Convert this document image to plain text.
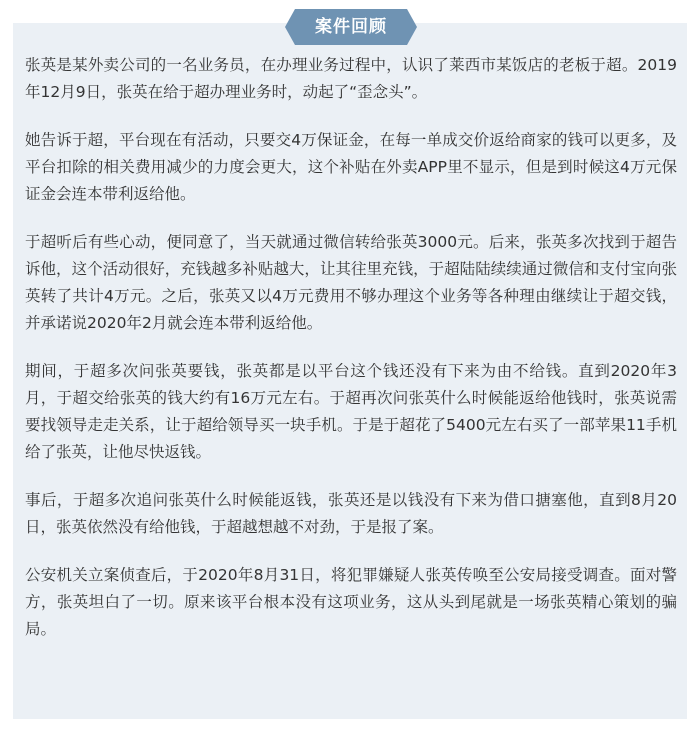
案件回顾

张英是某外卖公司的一名业务员，在办理业务过程中，认识了莱西市某饭店的老板于超。2019年12月9日，张英在给于超办理业务时，动起了“歪念头”。

她告诉于超，平台现在有活动，只要交4万保证金，在每一单成交价返给商家的钱可以更多，及平台扣除的相关费用减少的力度会更大，这个补贴在外卖APP里不显示，但是到时候这4万元保证金会连本带利返给他。

于超听后有些心动，便同意了，当天就通过微信转给张英3000元。后来，张英多次找到于超告诉他，这个活动很好，充钱越多补贴越大，让其往里充钱，于超陆陆续续通过微信和支付宝向张英转了共计4万元。之后，张英又以4万元费用不够办理这个业务等各种理由继续让于超交钱，并承诺说2020年2月就会连本带利返给他。

期间，于超多次问张英要钱，张英都是以平台这个钱还没有下来为由不给钱。直到2020年3月，于超交给张英的钱大约有16万元左右。于超再次问张英什么时候能返给他钱时，张英说需要找领导走走关系，让于超给领导买一块手机。于是于超花了5400元左右买了一部苹果11手机给了张英，让他尽快返钱。

事后，于超多次追问张英什么时候能返钱，张英还是以钱没有下来为借口搪塞他，直到8月20日，张英依然没有给他钱，于超越想越不对劲，于是报了案。

公安机关立案侦查后，于2020年8月31日，将犯罪嫌疑人张英传唤至公安局接受调查。面对警方，张英坦白了一切。原来该平台根本没有这项业务，这从头到尾就是一场张英精心策划的骗局。
